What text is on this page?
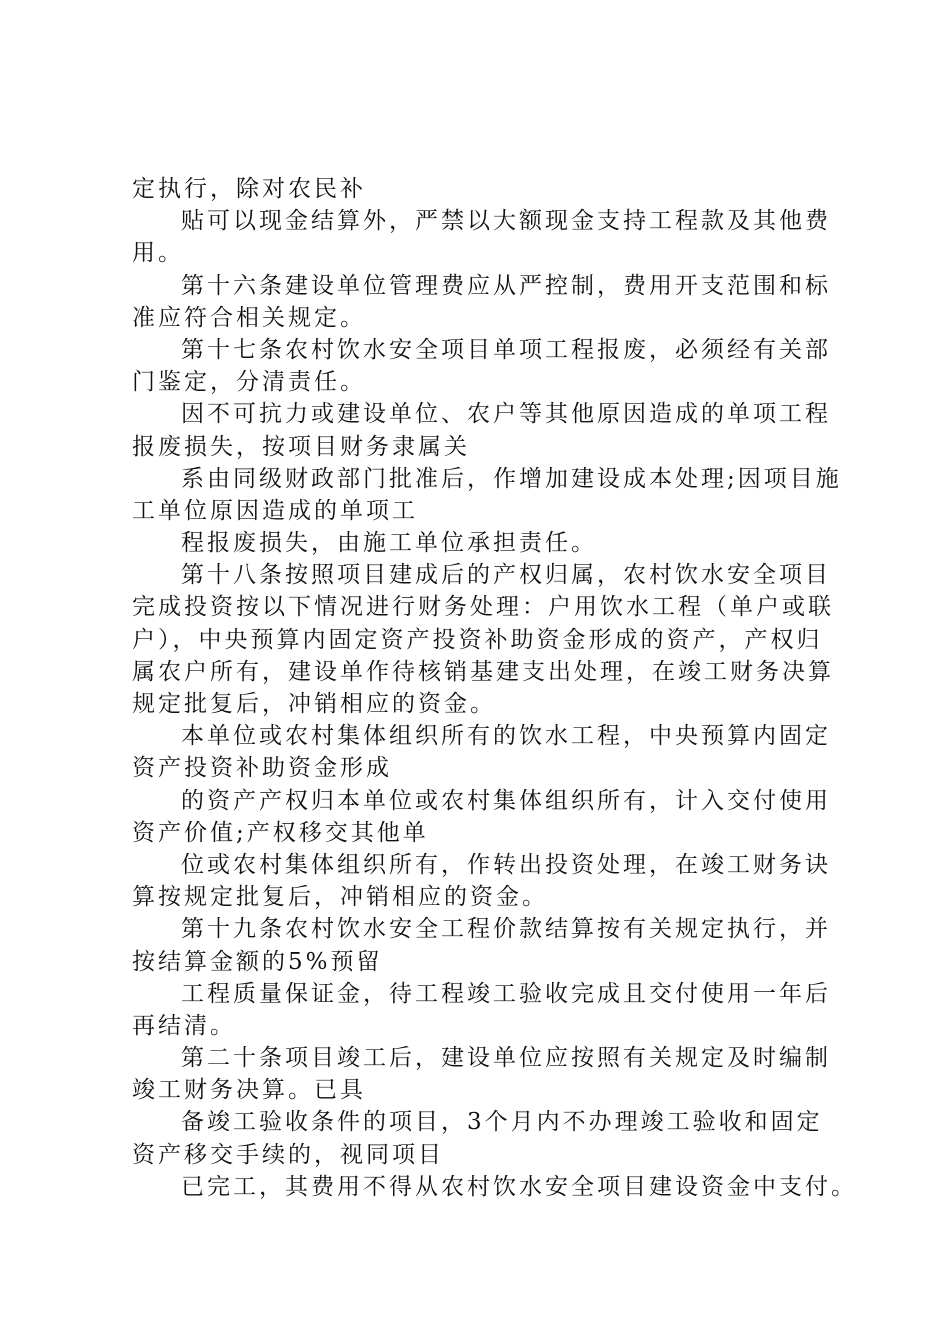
定执行，除对农民补
贴可以现金结算外，严禁以大额现金支持工程款及其他费
用。
第十六条建设单位管理费应从严控制，费用开支范围和标
准应符合相关规定。
第十七条农村饮水安全项目单项工程报废，必须经有关部
门鉴定，分清责任。
因不可抗力或建设单位、农户等其他原因造成的单项工程
报废损失，按项目财务隶属关
系由同级财政部门批准后，作增加建设成本处理;因项目施
工单位原因造成的单项工
程报废损失，由施工单位承担责任。
第十八条按照项目建成后的产权归属，农村饮水安全项目
完成投资按以下情况进行财务处理：户用饮水工程（单户或联
户），中央预算内固定资产投资补助资金形成的资产，产权归
属农户所有，建设单作待核销基建支出处理，在竣工财务决算
规定批复后，冲销相应的资金。
本单位或农村集体组织所有的饮水工程，中央预算内固定
资产投资补助资金形成
的资产产权归本单位或农村集体组织所有，计入交付使用
资产价值;产权移交其他单
位或农村集体组织所有，作转出投资处理，在竣工财务诀
算按规定批复后，冲销相应的资金。
第十九条农村饮水安全工程价款结算按有关规定执行，并
按结算金额的5%预留
工程质量保证金，待工程竣工验收完成且交付使用一年后
再结清。
第二十条项目竣工后，建设单位应按照有关规定及时编制
竣工财务决算。已具
备竣工验收条件的项目，3个月内不办理竣工验收和固定
资产移交手续的，视同项目
已完工，其费用不得从农村饮水安全项目建设资金中支付。
